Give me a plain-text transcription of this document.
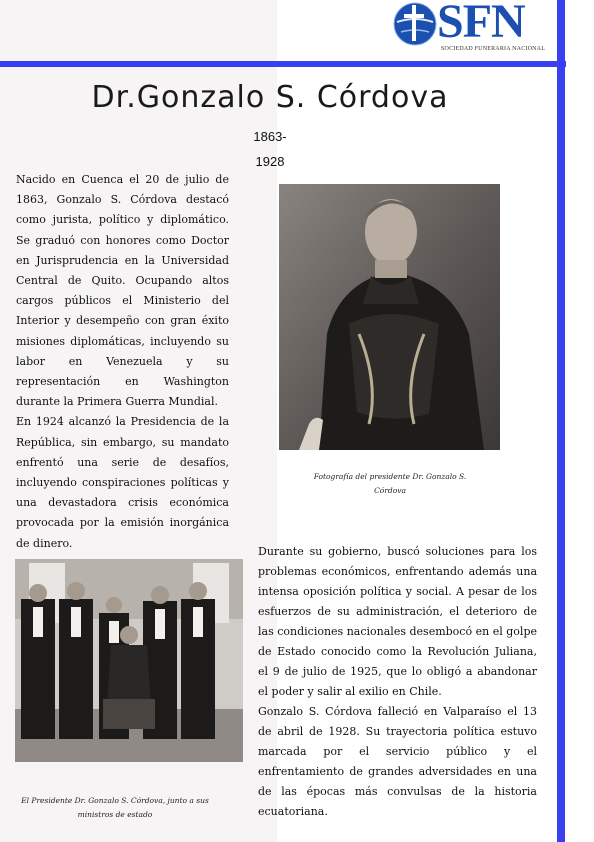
SFN
SOCIEDAD FUNERARIA NACIONAL
Dr.Gonzalo S. Córdova
1863-
1928

Nacido en Cuenca el 20 de julio de 1863, Gonzalo S. Córdova destacó como jurista, político y diplomático. Se graduó con honores como Doctor en Jurisprudencia en la Universidad Central de Quito. Ocupando altos cargos públicos el Ministerio del Interior y desempeño con gran éxito misiones diplomáticas, incluyendo su labor en Venezuela y su representación en Washington durante la Primera Guerra Mundial.

En 1924 alcanzó la Presidencia de la República, sin embargo, su mandato enfrentó una serie de desafíos, incluyendo conspiraciones políticas y una devastadora crisis económica provocada por la emisión inorgánica de dinero.

Fotografía del presidente Dr. Gonzalo S. Córdova
El Presidente Dr. Gonzalo S. Córdova, junto a sus ministros de estado

Durante su gobierno, buscó soluciones para los problemas económicos, enfrentando además una intensa oposición política y social. A pesar de los esfuerzos de su administración, el deterioro de las condiciones nacionales desembocó en el golpe de Estado conocido como la Revolución Juliana, el 9 de julio de 1925, que lo obligó a abandonar el poder y salir al exilio en Chile.

Gonzalo S. Córdova falleció en Valparaíso el 13 de abril de 1928. Su trayectoria política estuvo marcada por el servicio público y el enfrentamiento de grandes adversidades en una de las épocas más convulsas de la historia ecuatoriana.
